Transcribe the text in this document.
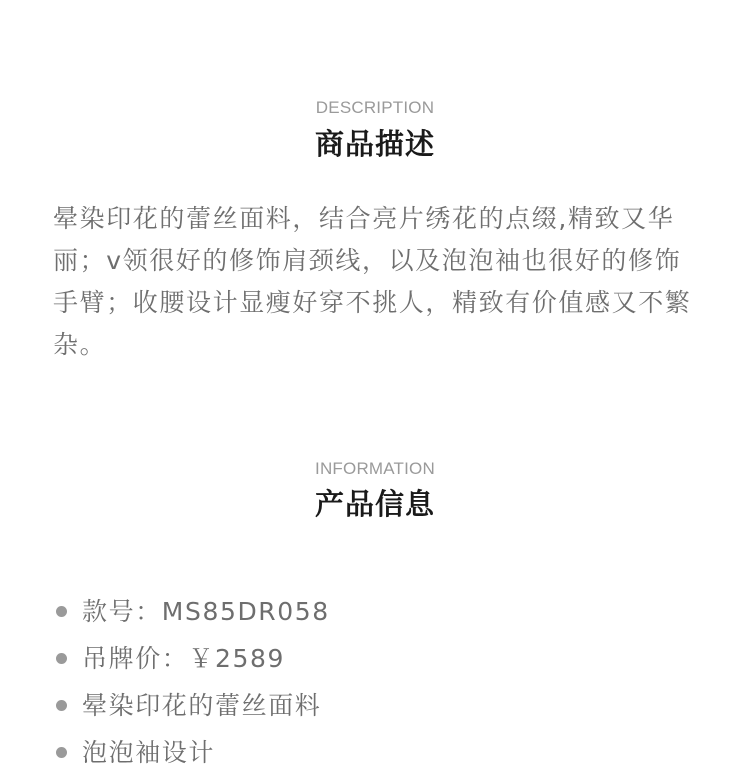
DESCRIPTION
商品描述

晕染印花的蕾丝面料，结合亮片绣花的点缀,精致又华丽；v领很好的修饰肩颈线，以及泡泡袖也很好的修饰手臂；收腰设计显瘦好穿不挑人，精致有价值感又不繁杂。

INFORMATION
产品信息
款号：MS85DR058
吊牌价：￥2589
晕染印花的蕾丝面料
泡泡袖设计
